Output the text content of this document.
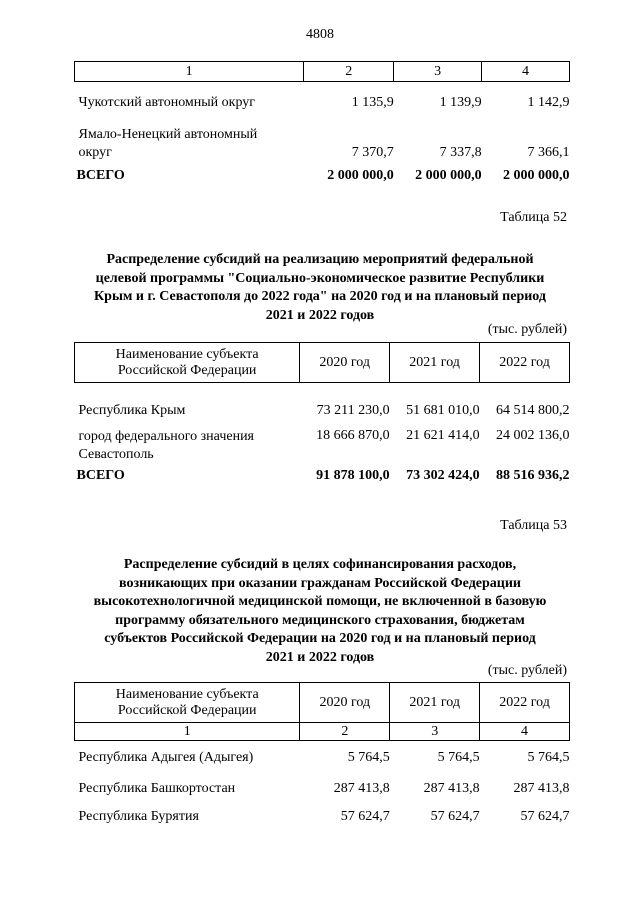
4808
1	2	3	4
Чукотский автономный округ	1 135,9	1 139,9	1 142,9
Ямало-Ненецкий автономный
округ	7 370,7	7 337,8	7 366,1
ВСЕГО	2 000 000,0	2 000 000,0	2 000 000,0
Таблица 52
Распределение субсидий на реализацию мероприятий федеральной
целевой программы "Социально-экономическое развитие Республики
Крым и г. Севастополя до 2022 года" на 2020 год и на плановый период
2021 и 2022 годов
(тыс. рублей)
Наименование субъекта
Российской Федерации	2020 год	2021 год	2022 год
Республика Крым	73 211 230,0	51 681 010,0	64 514 800,2
город федерального значения
Севастополь	18 666 870,0	21 621 414,0	24 002 136,0
ВСЕГО	91 878 100,0	73 302 424,0	88 516 936,2
Таблица 53
Распределение субсидий в целях софинансирования расходов,
возникающих при оказании гражданам Российской Федерации
высокотехнологичной медицинской помощи, не включенной в базовую
программу обязательного медицинского страхования, бюджетам
субъектов Российской Федерации на 2020 год и на плановый период
2021 и 2022 годов
(тыс. рублей)
Наименование субъекта
Российской Федерации	2020 год	2021 год	2022 год
1	2	3	4
Республика Адыгея (Адыгея)	5 764,5	5 764,5	5 764,5
Республика Башкортостан	287 413,8	287 413,8	287 413,8
Республика Бурятия	57 624,7	57 624,7	57 624,7
